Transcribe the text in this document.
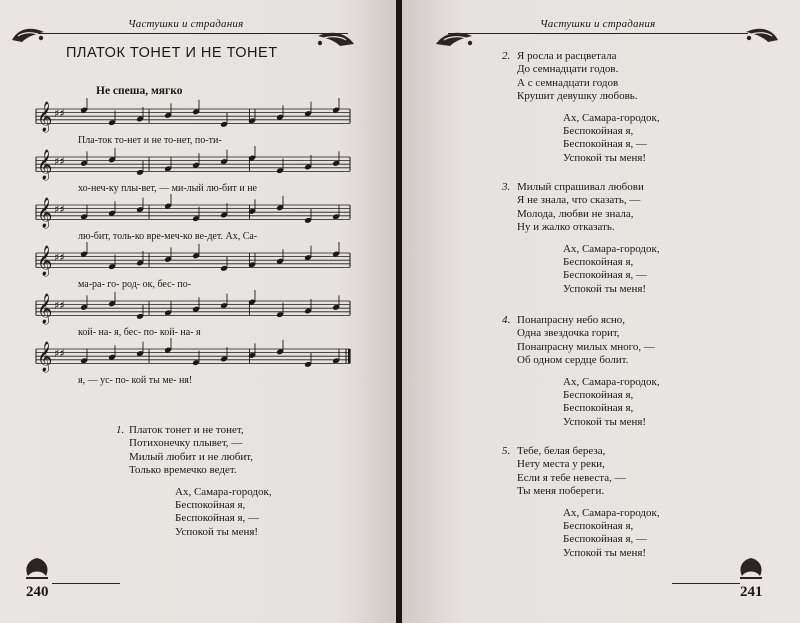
Частушки и страдания
ПЛАТОК ТОНЕТ И НЕ ТОНЕТ
Не спеша, мягко
𝄞 ♯♯
Пла-ток то-нет и не то-нет, по-ти-
𝄞 ♯♯
хо-неч-ку плы-вет, — ми-лый лю-бит и не
𝄞 ♯♯
лю-бит, толь-ко вре-меч-ко ве-дет. Ах, Са-
𝄞 ♯♯
ма-ра- го- род- ок, бес- по-
𝄞 ♯♯
кой- на- я, бес- по- кой- на- я
𝄞 ♯♯
я, — ус- по- кой ты ме- ня!
1. Платок тонет и не тонет,
Потихонечку плывет, —
Милый любит и не любит,
Только времечко ведет.
Ах, Самара-городок,
Беспокойная я,
Беспокойная я, —
Успокой ты меня!
240
Частушки и страдания
2. Я росла и расцветала
До семнадцати годов.
А с семнадцати годов
Крушит девушку любовь.
Ах, Самара-городок,
Беспокойная я,
Беспокойная я, —
Успокой ты меня!
3. Милый спрашивал любови
Я не знала, что сказать, —
Молода, любви не знала,
Ну и жалко отказать.
Ах, Самара-городок,
Беспокойная я,
Беспокойная я, —
Успокой ты меня!
4. Понапрасну небо ясно,
Одна звездочка горит,
Понапрасну милых много, —
Об одном сердце болит.
Ах, Самара-городок,
Беспокойная я,
Беспокойная я,
Успокой ты меня!
5. Тебе, белая береза,
Нету места у реки,
Если я тебе невеста, —
Ты меня побереги.
Ах, Самара-городок,
Беспокойная я,
Беспокойная я, —
Успокой ты меня!
241
